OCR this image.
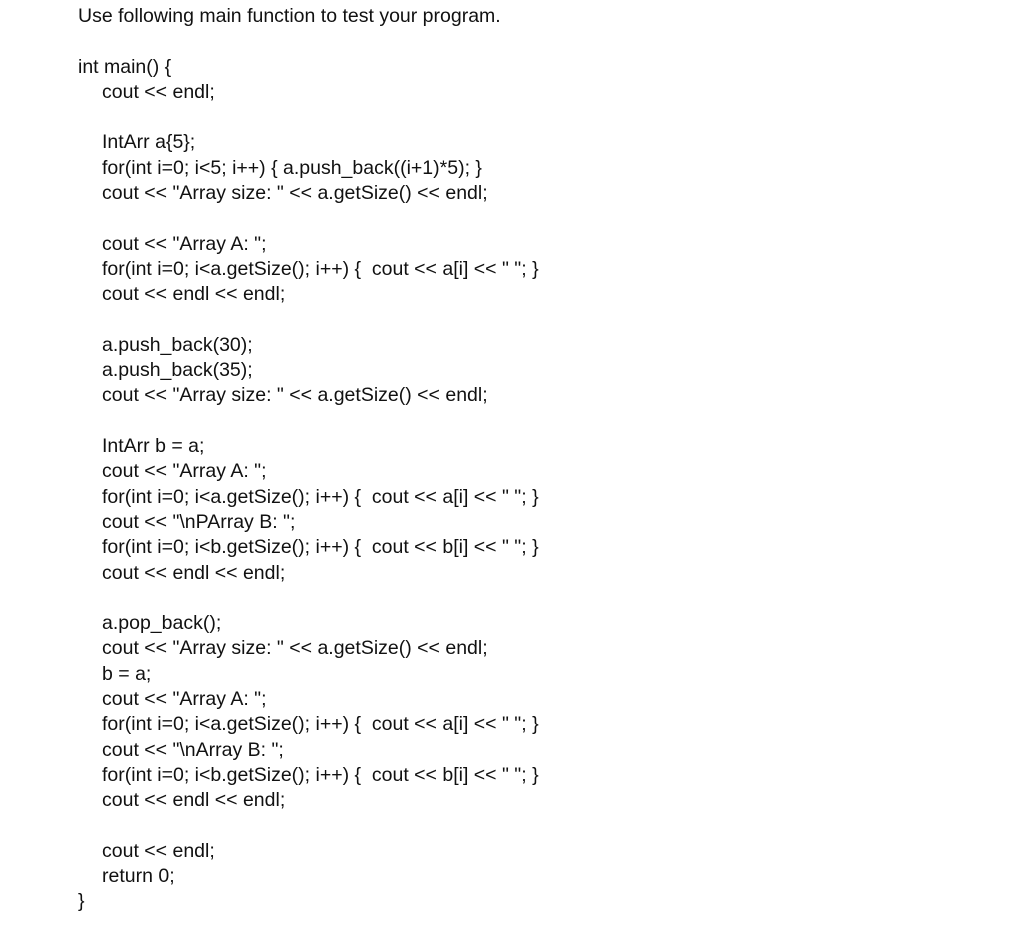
Use following main function to test your program.

int main() {
cout << endl;
IntArr a{5};
for(int i=0; i<5; i++) { a.push_back((i+1)*5); }
cout << "Array size: " << a.getSize() << endl;
cout << "Array A: ";
for(int i=0; i<a.getSize(); i++) {  cout << a[i] << " "; }
cout << endl << endl;
a.push_back(30);
a.push_back(35);
cout << "Array size: " << a.getSize() << endl;
IntArr b = a;
cout << "Array A: ";
for(int i=0; i<a.getSize(); i++) {  cout << a[i] << " "; }
cout << "\nPArray B: ";
for(int i=0; i<b.getSize(); i++) {  cout << b[i] << " "; }
cout << endl << endl;
a.pop_back();
cout << "Array size: " << a.getSize() << endl;
b = a;
cout << "Array A: ";
for(int i=0; i<a.getSize(); i++) {  cout << a[i] << " "; }
cout << "\nArray B: ";
for(int i=0; i<b.getSize(); i++) {  cout << b[i] << " "; }
cout << endl << endl;
cout << endl;
return 0;
}
